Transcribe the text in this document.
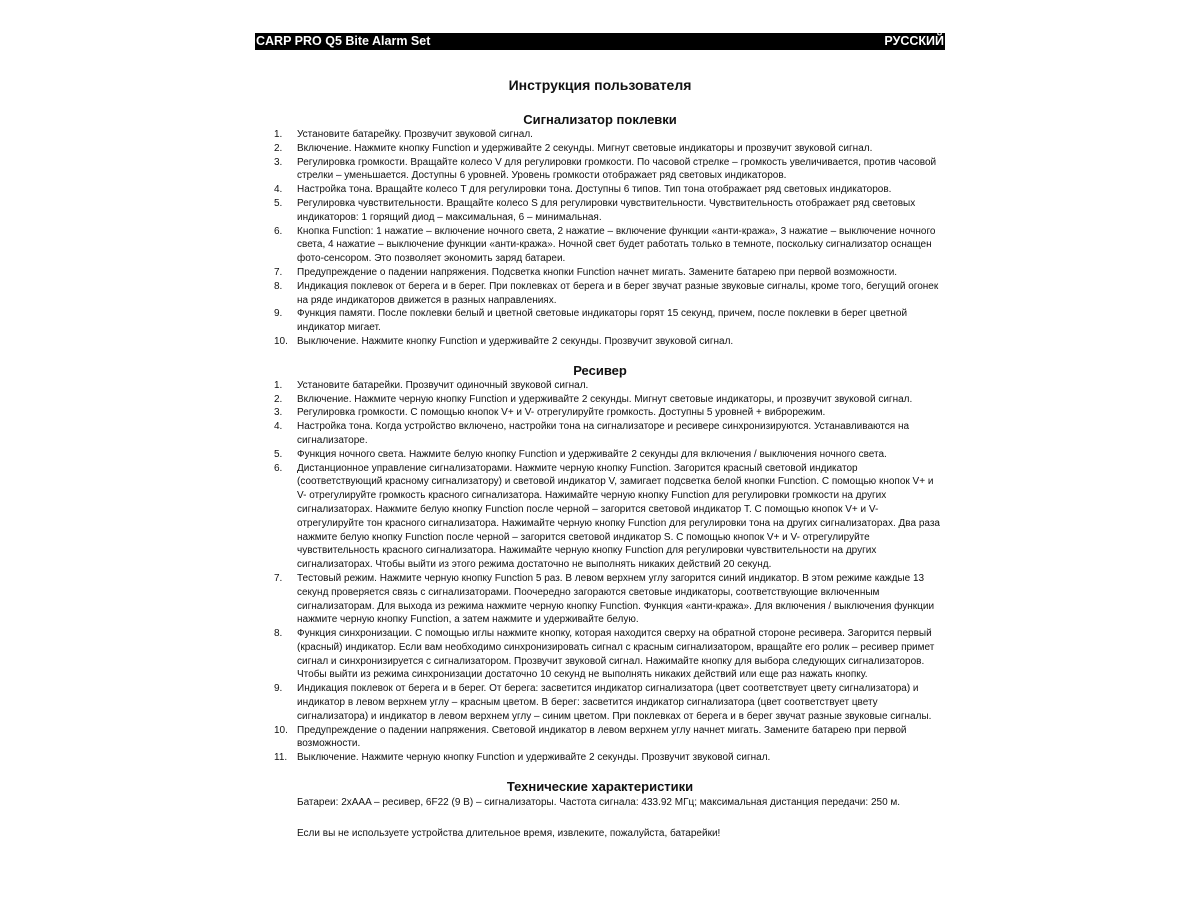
CARP PRO Q5 Bite Alarm Set	РУССКИЙ
Инструкция пользователя
Сигнализатор поклевки
1.	Установите батарейку. Прозвучит звуковой сигнал.
2.	Включение. Нажмите кнопку Function и удерживайте 2 секунды. Мигнут световые индикаторы и прозвучит звуковой сигнал.
3.	Регулировка громкости. Вращайте колесо V для регулировки громкости. По часовой стрелке – громкость увеличивается, против часовой стрелки – уменьшается. Доступны 6 уровней. Уровень громкости отображает ряд световых индикаторов.
4.	Настройка тона. Вращайте колесо T для регулировки тона. Доступны 6 типов. Тип тона отображает ряд световых индикаторов.
5.	Регулировка чувствительности. Вращайте колесо S для регулировки чувствительности. Чувствительность отображает ряд световых индикаторов: 1 горящий диод – максимальная, 6 – минимальная.
6.	Кнопка Function: 1 нажатие – включение ночного света, 2 нажатие – включение функции «анти-кража», 3 нажатие – выключение ночного света, 4 нажатие – выключение функции «анти-кража». Ночной свет будет работать только в темноте, поскольку сигнализатор оснащен фото-сенсором. Это позволяет экономить заряд батареи.
7.	Предупреждение о падении напряжения. Подсветка кнопки Function начнет мигать. Замените батарею при первой возможности.
8.	Индикация поклевок от берега и в берег. При поклевках от берега и в берег звучат разные звуковые сигналы, кроме того, бегущий огонек на ряде индикаторов движется в разных направлениях.
9.	Функция памяти. После поклевки белый и цветной световые индикаторы горят 15 секунд, причем, после поклевки в берег цветной индикатор мигает.
10. Выключение. Нажмите кнопку Function и удерживайте 2 секунды. Прозвучит звуковой сигнал.
Ресивер
1.	Установите батарейки. Прозвучит одиночный звуковой сигнал.
2.	Включение. Нажмите черную кнопку Function и удерживайте 2 секунды. Мигнут световые индикаторы, и прозвучит звуковой сигнал.
3.	Регулировка громкости. С помощью кнопок V+ и V- отрегулируйте громкость. Доступны 5 уровней + виброрежим.
4.	Настройка тона. Когда устройство включено, настройки тона на сигнализаторе и ресивере синхронизируются. Устанавливаются на сигнализаторе.
5.	Функция ночного света. Нажмите белую кнопку Function и удерживайте 2 секунды для включения / выключения ночного света.
6.	Дистанционное управление сигнализаторами. Нажмите черную кнопку Function. Загорится красный световой индикатор (соответствующий красному сигнализатору) и световой индикатор V, замигает подсветка белой кнопки Function. С помощью кнопок V+ и V- отрегулируйте громкость красного сигнализатора. Нажимайте черную кнопку Function для регулировки громкости на других сигнализаторах. Нажмите белую кнопку Function после черной – загорится световой индикатор T. С помощью кнопок V+ и V- отрегулируйте тон красного сигнализатора. Нажимайте черную кнопку Function для регулировки тона на других сигнализаторах. Два раза нажмите белую кнопку Function после черной – загорится световой индикатор S. С помощью кнопок V+ и V- отрегулируйте чувствительность красного сигнализатора. Нажимайте черную кнопку Function для регулировки чувствительности на других сигнализаторах. Чтобы выйти из этого режима достаточно не выполнять никаких действий 20 секунд.
7.	Тестовый режим. Нажмите черную кнопку Function 5 раз. В левом верхнем углу загорится синий индикатор. В этом режиме каждые 13 секунд проверяется связь с сигнализаторами. Поочередно загораются световые индикаторы, соответствующие включенным сигнализаторам. Для выхода из режима нажмите черную кнопку Function. Функция «анти-кража». Для включения / выключения функции нажмите черную кнопку Function, а затем нажмите и удерживайте белую.
8.	Функция синхронизации. С помощью иглы нажмите кнопку, которая находится сверху на обратной стороне ресивера. Загорится первый (красный) индикатор. Если вам необходимо синхронизировать сигнал с красным сигнализатором, вращайте его ролик – ресивер примет сигнал и синхронизируется с сигнализатором. Прозвучит звуковой сигнал. Нажимайте кнопку для выбора следующих сигнализаторов. Чтобы выйти из режима синхронизации достаточно 10 секунд не выполнять никаких действий или еще раз нажать кнопку.
9.	Индикация поклевок от берега и в берег. От берега: засветится индикатор сигнализатора (цвет соответствует цвету сигнализатора) и индикатор в левом верхнем углу – красным цветом. В берег: засветится индикатор сигнализатора (цвет соответствует цвету сигнализатора) и индикатор в левом верхнем углу – синим цветом. При поклевках от берега и в берег звучат разные звуковые сигналы.
10. Предупреждение о падении напряжения. Световой индикатор в левом верхнем углу начнет мигать. Замените батарею при первой возможности.
11. Выключение. Нажмите черную кнопку Function и удерживайте 2 секунды. Прозвучит звуковой сигнал.
Технические характеристики
Батареи: 2xAAA – ресивер, 6F22 (9 В) – сигнализаторы. Частота сигнала: 433.92 МГц; максимальная дистанция передачи: 250 м.
Если вы не используете устройства длительное время, извлеките, пожалуйста, батарейки!
